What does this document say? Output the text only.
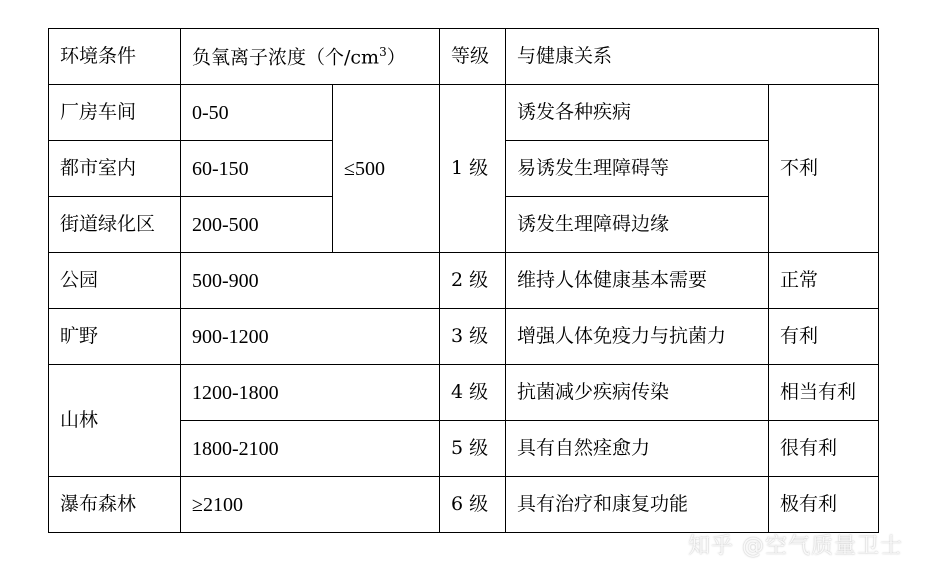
环境条件	负氧离子浓度（个$/cm^3$）		等级	与健康关系	
厂房车间	0-50	≤500	1 级	诱发各种疾病	不利
都市室内	60-150			易诱发生理障碍等	
街道绿化区	200-500			诱发生理障碍边缘	
公园	500-900		2 级	维持人体健康基本需要	正常
旷野	900-1200		3 级	增强人体免疫力与抗菌力	有利
山林	1200-1800		4 级	抗菌减少疾病传染	相当有利
	1800-2100		5 级	具有自然痊愈力	很有利
瀑布森林	≥2100		6 级	具有治疗和康复功能	极有利
知乎 @空气质量卫士
